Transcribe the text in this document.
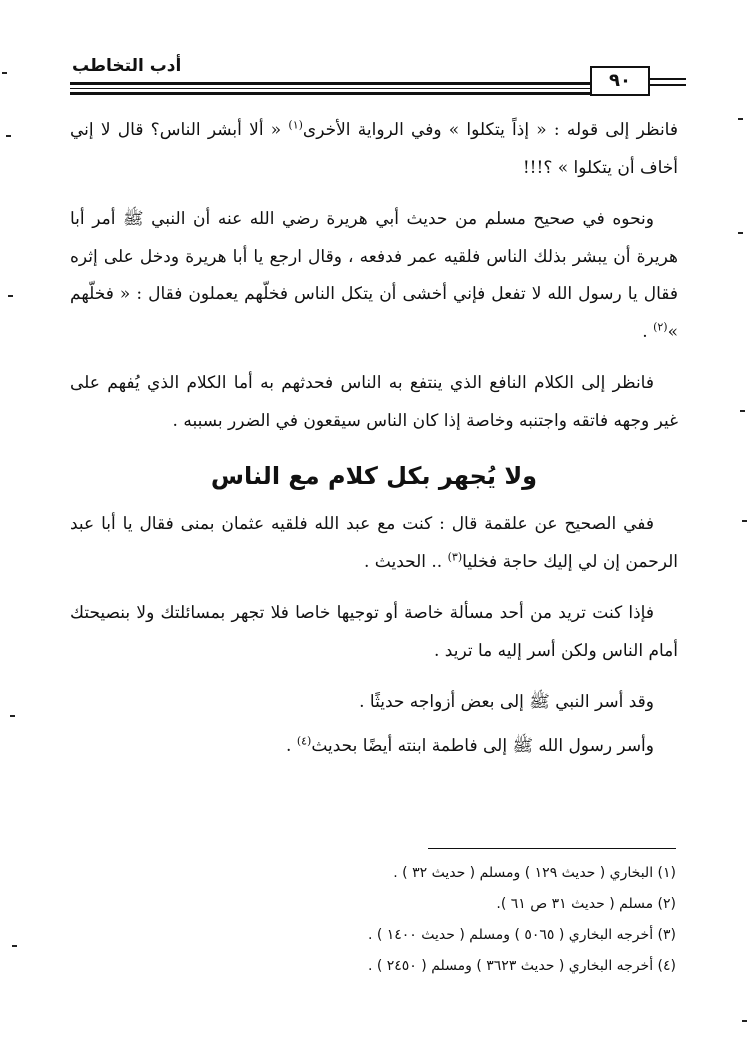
أدب التخاطب
٩٠

فانظر إلى قوله : « إذاً يتكلوا » وفي الرواية الأخرى$^{(١)}$ « ألا أبشر الناس؟ قال لا إني أخاف أن يتكلوا » ؟!!!

ونحوه في صحيح مسلم من حديث أبي هريرة رضي الله عنه أن النبي ﷺ أمر أبا هريرة أن يبشر بذلك الناس فلقيه عمر فدفعه ، وقال ارجع يا أبا هريرة ودخل على إثره فقال يا رسول الله لا تفعل فإني أخشى أن يتكل الناس فخلّهم يعملون فقال : « فخلّهم »$^{(٢)}$ .

فانظر إلى الكلام النافع الذي ينتفع به الناس فحدثهم به أما الكلام الذي يُفهم على غير وجهه فاتقه واجتنبه وخاصة إذا كان الناس سيقعون في الضرر بسببه .

ولا يُجهر بكل كلام مع الناس

ففي الصحيح عن علقمة قال : كنت مع عبد الله فلقيه عثمان بمنى فقال يا أبا عبد الرحمن إن لي إليك حاجة فخليا$^{(٣)}$ .. الحديث .

فإذا كنت تريد من أحد مسألة خاصة أو توجيها خاصا فلا تجهر بمسائلتك ولا بنصيحتك أمام الناس ولكن أسر إليه ما تريد .

وقد أسر النبي ﷺ إلى بعض أزواجه حديثًا .

وأسر رسول الله ﷺ إلى فاطمة ابنته أيضًا بحديث$^{(٤)}$ .

(١) البخاري ( حديث ١٢٩ ) ومسلم ( حديث ٣٢ ) .
(٢) مسلم ( حديث ٣١ ص ٦١ ).
(٣) أخرجه البخاري ( ٥٠٦٥ ) ومسلم ( حديث ١٤٠٠ ) .
(٤) أخرجه البخاري ( حديث ٣٦٢٣ ) ومسلم ( ٢٤٥٠ ) .
